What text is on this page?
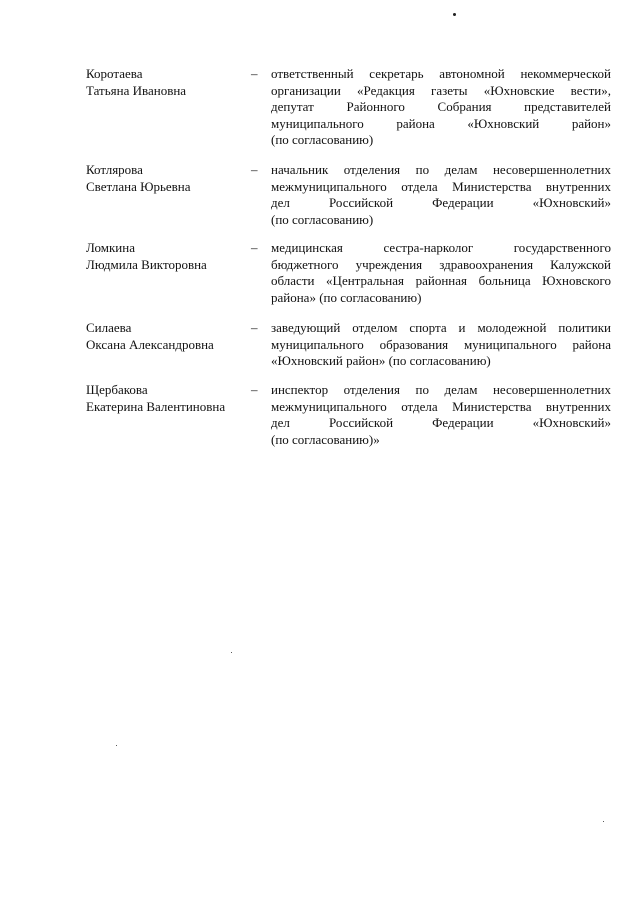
Коротаева
Татьяна Ивановна
– ответственный секретарь автономной некоммерческой
организации «Редакция газеты «Юхновские вести»,
депутат Районного Собрания представителей
муниципального района «Юхновский район»
(по согласованию)
Котлярова
Светлана Юрьевна
– начальник отделения по делам несовершеннолетних
межмуниципального отдела Министерства внутренних
дел Российской Федерации «Юхновский»
(по согласованию)
Ломкина
Людмила Викторовна
– медицинская сестра-нарколог государственного
бюджетного учреждения здравоохранения Калужской
области «Центральная районная больница Юхновского
района» (по согласованию)
Силаева
Оксана Александровна
– заведующий отделом спорта и молодежной политики
муниципального образования муниципального района
«Юхновский район» (по согласованию)
Щербакова
Екатерина Валентиновна
– инспектор отделения по делам несовершеннолетних
межмуниципального отдела Министерства внутренних
дел Российской Федерации «Юхновский»
(по согласованию)»
